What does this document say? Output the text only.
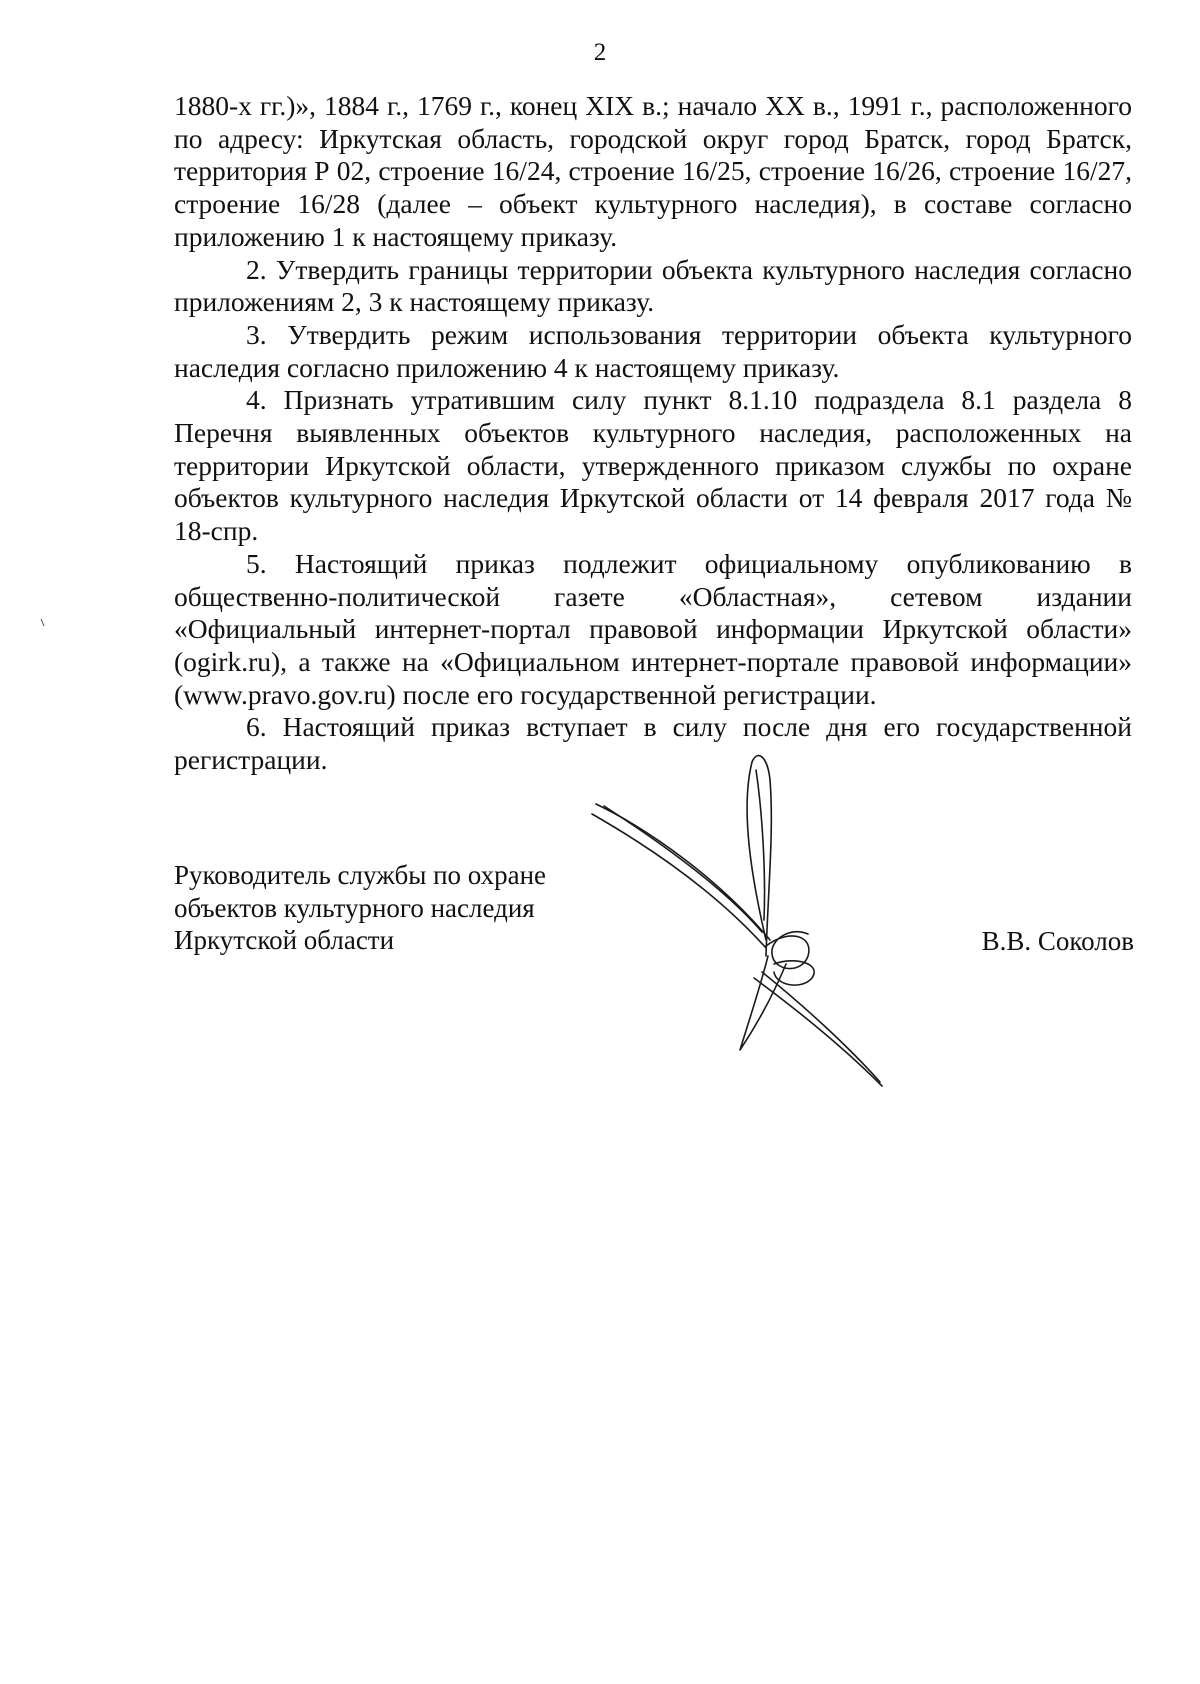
2

1880-х гг.)», 1884 г., 1769 г., конец XIX в.; начало XX в., 1991 г., расположенного по адресу: Иркутская область, городской округ город Братск, город Братск, территория Р 02, строение 16/24, строение 16/25, строение 16/26, строение 16/27, строение 16/28 (далее – объект культурного наследия), в составе согласно приложению 1 к настоящему приказу.

2. Утвердить границы территории объекта культурного наследия согласно приложениям 2, 3 к настоящему приказу.

3. Утвердить режим использования территории объекта культурного наследия согласно приложению 4 к настоящему приказу.

4. Признать утратившим силу пункт 8.1.10 подраздела 8.1 раздела 8 Перечня выявленных объектов культурного наследия, расположенных на территории Иркутской области, утвержденного приказом службы по охране объектов культурного наследия Иркутской области от 14 февраля 2017 года № 18-спр.

5. Настоящий приказ подлежит официальному опубликованию в общественно-политической газете «Областная», сетевом издании «Официальный интернет-портал правовой информации Иркутской области» (ogirk.ru), а также на «Официальном интернет-портале правовой информации» (www.pravo.gov.ru) после его государственной регистрации.

6. Настоящий приказ вступает в силу после дня его государственной регистрации.

Руководитель службы по охране
объектов культурного наследия
Иркутской области	В.В. Соколов
